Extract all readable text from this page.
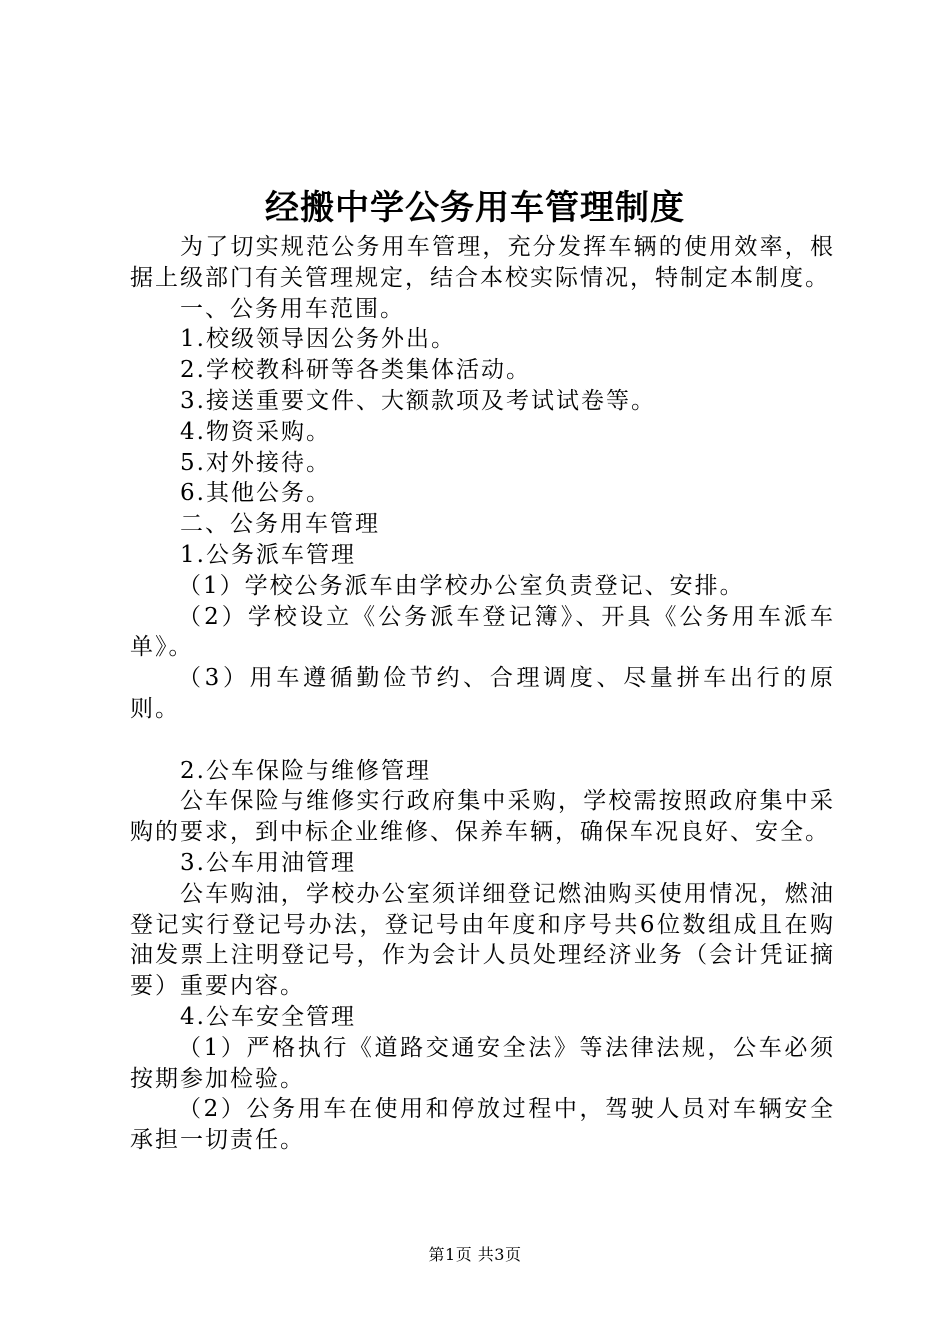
经搬中学公务用车管理制度

为了切实规范公务用车管理，充分发挥车辆的使用效率，根据上级部门有关管理规定，结合本校实际情况，特制定本制度。

一、公务用车范围。

1.校级领导因公务外出。

2.学校教科研等各类集体活动。

3.接送重要文件、大额款项及考试试卷等。

4.物资采购。

5.对外接待。

6.其他公务。

二、公务用车管理

1.公务派车管理

（1）学校公务派车由学校办公室负责登记、安排。

（2）学校设立《公务派车登记簿》、开具《公务用车派车单》。

（3）用车遵循勤俭节约、合理调度、尽量拼车出行的原则。

2.公车保险与维修管理

公车保险与维修实行政府集中采购，学校需按照政府集中采购的要求，到中标企业维修、保养车辆，确保车况良好、安全。

3.公车用油管理

公车购油，学校办公室须详细登记燃油购买使用情况，燃油登记实行登记号办法，登记号由年度和序号共6位数组成且在购油发票上注明登记号，作为会计人员处理经济业务（会计凭证摘要）重要内容。

4.公车安全管理

（1）严格执行《道路交通安全法》等法律法规，公车必须按期参加检验。

（2）公务用车在使用和停放过程中，驾驶人员对车辆安全承担一切责任。

第1页 共3页
